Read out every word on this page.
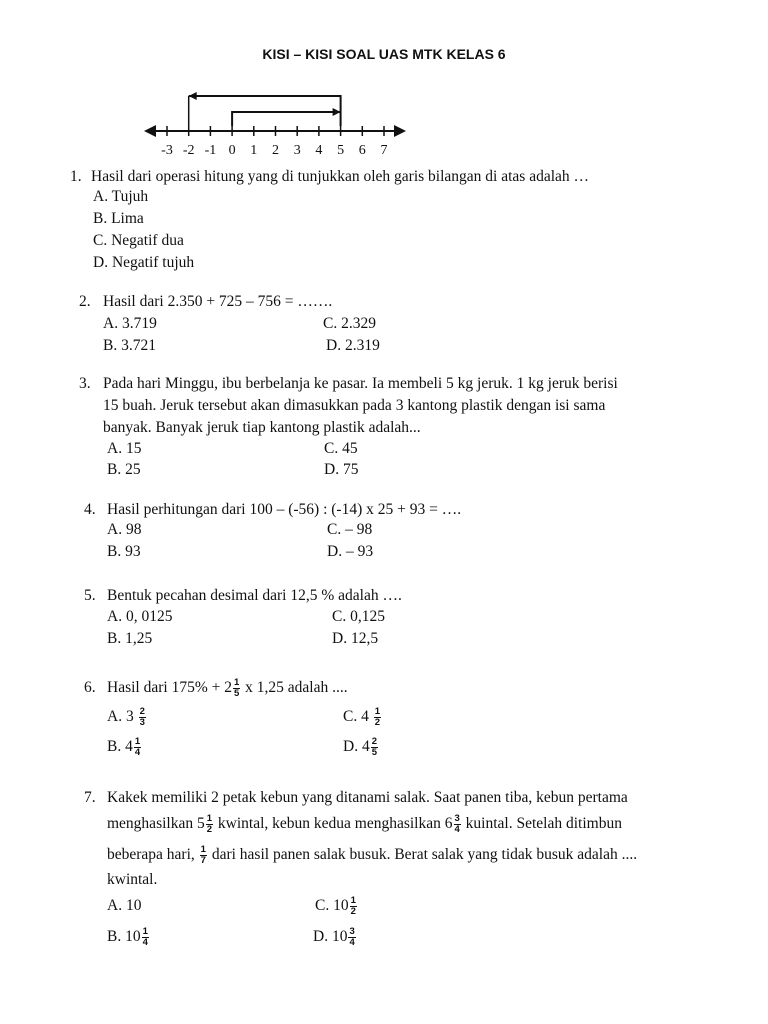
KISI – KISI SOAL UAS MTK KELAS 6
-3 -2 -1 0 1 2 3 4 5 6 7
1. Hasil dari operasi hitung yang di tunjukkan oleh garis bilangan di atas adalah …
A. Tujuh
B. Lima
C. Negatif dua
D. Negatif tujuh
2. Hasil dari 2.350 + 725 – 756 = …….
A. 3.719
B. 3.721
C. 2.329
D. 2.319
3. Pada hari Minggu, ibu berbelanja ke pasar. Ia membeli 5 kg jeruk. 1 kg jeruk berisi
15 buah. Jeruk tersebut akan dimasukkan pada 3 kantong plastik dengan isi sama
banyak. Banyak jeruk tiap kantong plastik adalah...
A. 15
B. 25
C. 45
D. 75
4. Hasil perhitungan dari 100 – (-56) : (-14) x 25 + 93 = ….
A. 98
B. 93
C. – 98
D. – 93
5. Bentuk pecahan desimal dari 12,5 % adalah ….
A. 0, 0125
B. 1,25
C. 0,125
D. 12,5
6. Hasil dari $175\% + 2 \frac{1}{5}$ x 1,25 adalah ....
A. $3 \frac{2}{3}$
B. $4 \frac{1}{4}$
C. $4 \frac{1}{2}$
D. $4 \frac{2}{5}$
7. Kakek memiliki 2 petak kebun yang ditanami salak. Saat panen tiba, kebun pertama
menghasilkan $5 \frac{1}{2}$ kwintal, kebun kedua menghasilkan $6 \frac{3}{4}$ kuintal. Setelah ditimbun
beberapa hari, $\frac{1}{7}$ dari hasil panen salak busuk. Berat salak yang tidak busuk adalah ....
kwintal.
A. 10
B. $10 \frac{1}{4}$
C. $10 \frac{1}{2}$
D. $10 \frac{3}{4}$
